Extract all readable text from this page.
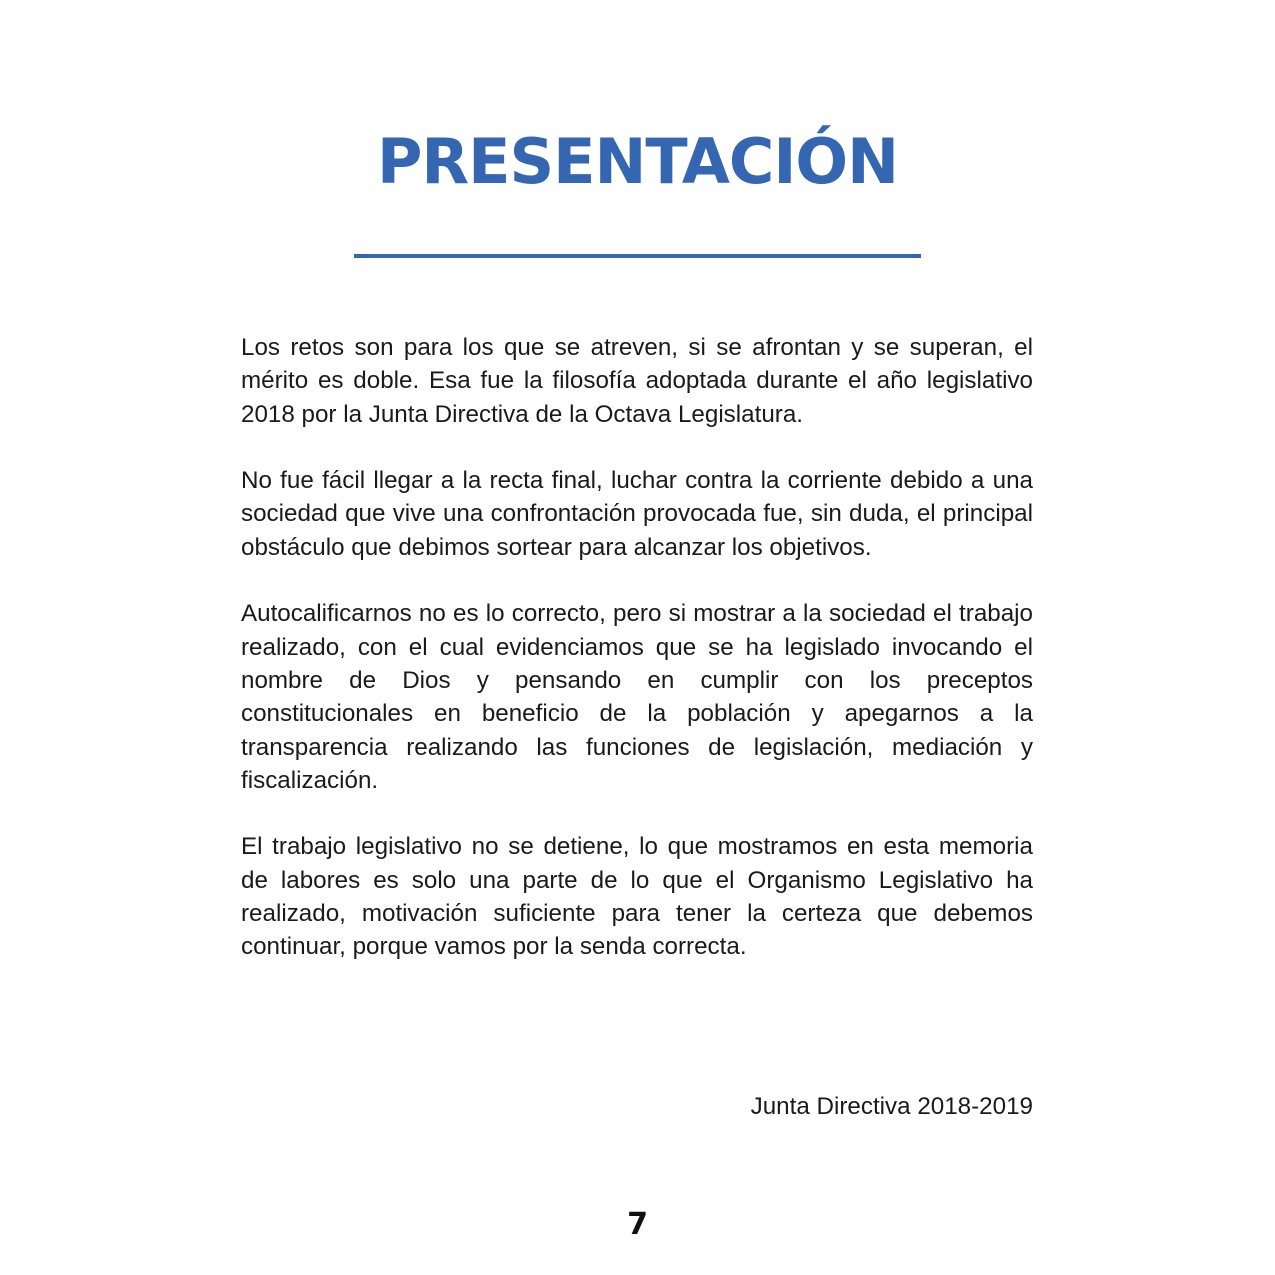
PRESENTACIÓN

Los retos son para los que se atreven, si se afrontan y se superan, el mérito es doble. Esa fue la filosofía adoptada durante el año legislativo 2018 por la Junta Directiva de la Octava Legislatura.

No fue fácil llegar a la recta final, luchar contra la corriente debido a una sociedad que vive una confrontación provocada fue, sin duda, el principal obstáculo que debimos sortear para alcanzar los objetivos.

Autocalificarnos no es lo correcto, pero si mostrar a la sociedad el trabajo realizado, con el cual evidenciamos que se ha legislado invocando el nombre de Dios y pensando en cumplir con los preceptos constitucionales en beneficio de la población y apegarnos a la transparencia realizando las funciones de legislación, mediación y fiscalización.

El trabajo legislativo no se detiene, lo que mostramos en esta memoria de labores es solo una parte de lo que el Organismo Legislativo ha realizado, motivación suficiente para tener la certeza que debemos continuar, porque vamos por la senda correcta.

Junta Directiva 2018-2019
7
